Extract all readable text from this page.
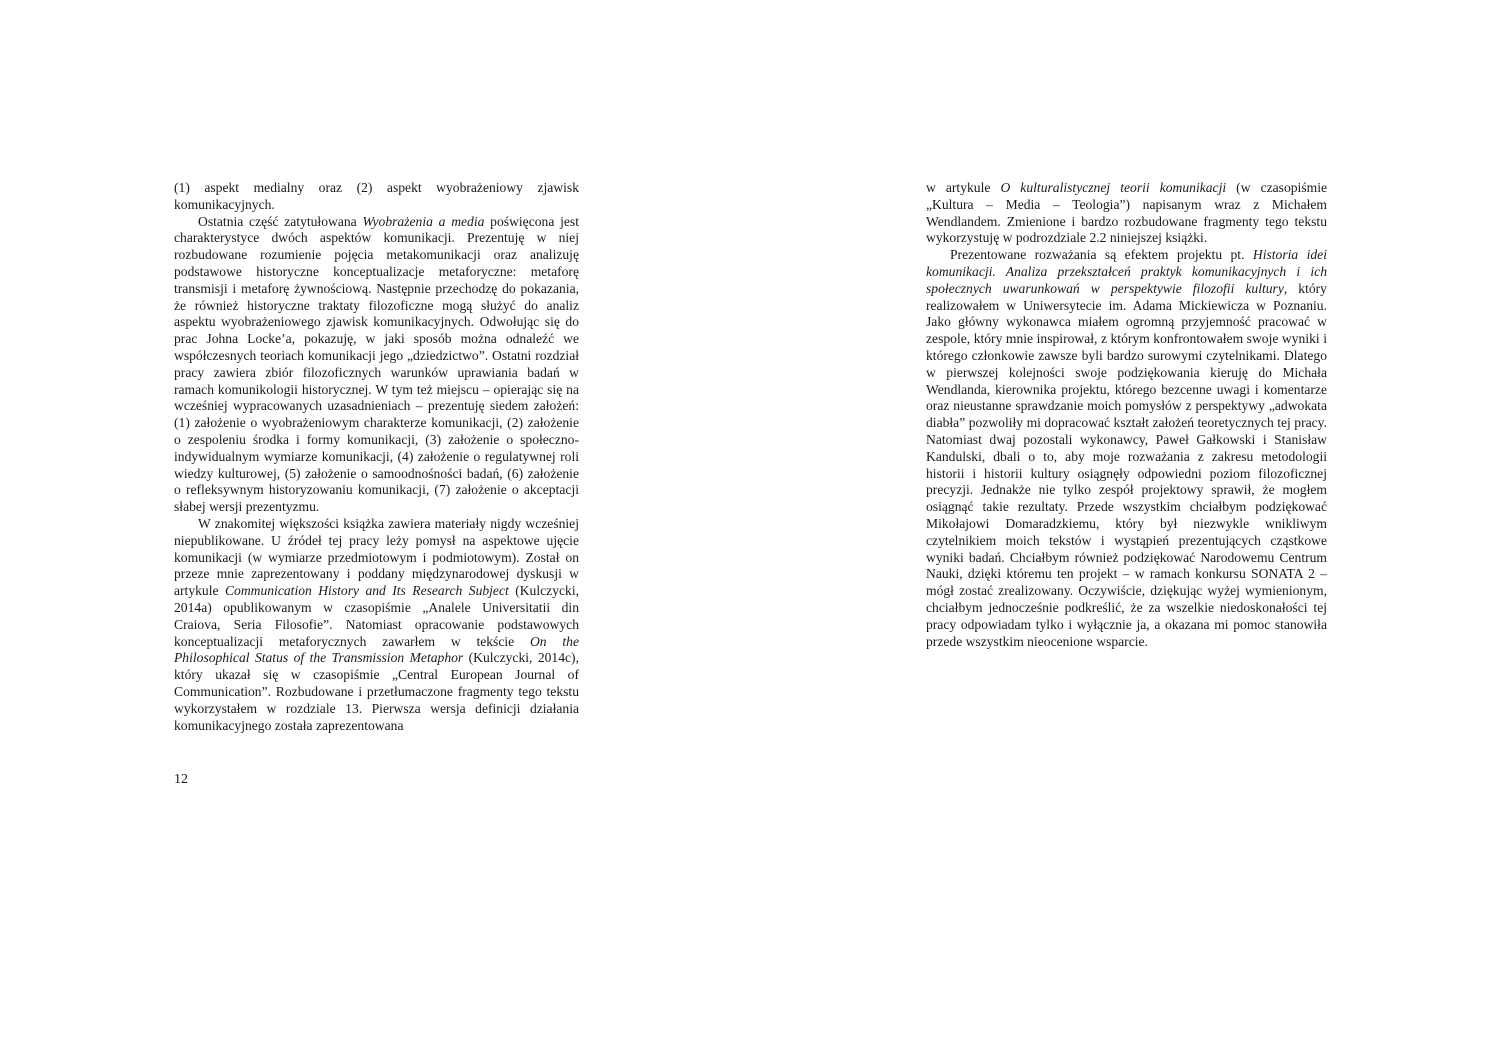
(1) aspekt medialny oraz (2) aspekt wyobrażeniowy zjawisk komunikacyjnych.

Ostatnia część zatytułowana Wyobrażenia a media poświęcona jest charakterystyce dwóch aspektów komunikacji. Prezentuję w niej rozbudowane rozumienie pojęcia metakomunikacji oraz analizuję podstawowe historyczne konceptualizacje metaforyczne: metaforę transmisji i metaforę żywnościową. Następnie przechodzę do pokazania, że również historyczne traktaty filozoficzne mogą służyć do analiz aspektu wyobrażeniowego zjawisk komunikacyjnych. Odwołując się do prac Johna Locke’a, pokazuję, w jaki sposób można odnaleźć we współczesnych teoriach komunikacji jego „dziedzictwo”. Ostatni rozdział pracy zawiera zbiór filozoficznych warunków uprawiania badań w ramach komunikologii historycznej. W tym też miejscu – opierając się na wcześniej wypracowanych uzasadnieniach – prezentuję siedem założeń: (1) założenie o wyobrażeniowym charakterze komunikacji, (2) założenie o zespoleniu środka i formy komunikacji, (3) założenie o społeczno-indywidualnym wymiarze komunikacji, (4) założenie o regulatywnej roli wiedzy kulturowej, (5) założenie o samoodnośności badań, (6) założenie o refleksywnym historyzowaniu komunikacji, (7) założenie o akceptacji słabej wersji prezentyzmu.

W znakomitej większości książka zawiera materiały nigdy wcześniej niepublikowane. U źródeł tej pracy leży pomysł na aspektowe ujęcie komunikacji (w wymiarze przedmiotowym i podmiotowym). Został on przeze mnie zaprezentowany i poddany międzynarodowej dyskusji w artykule Communication History and Its Research Subject (Kulczycki, 2014a) opublikowanym w czasopiśmie „Analele Universitatii din Craiova, Seria Filosofie”. Natomiast opracowanie podstawowych konceptualizacji metaforycznych zawarłem w tekście On the Philosophical Status of the Transmission Metaphor (Kulczycki, 2014c), który ukazał się w czasopiśmie „Central European Journal of Communication”. Rozbudowane i przetłumaczone fragmenty tego tekstu wykorzystałem w rozdziale 13. Pierwsza wersja definicji działania komunikacyjnego została zaprezentowana

w artykule O kulturalistycznej teorii komunikacji (w czasopiśmie „Kultura – Media – Teologia”) napisanym wraz z Michałem Wendlandem. Zmienione i bardzo rozbudowane fragmenty tego tekstu wykorzystuję w podrozdziale 2.2 niniejszej książki.

Prezentowane rozważania są efektem projektu pt. Historia idei komunikacji. Analiza przekształceń praktyk komunikacyjnych i ich społecznych uwarunkowań w perspektywie filozofii kultury, który realizowałem w Uniwersytecie im. Adama Mickiewicza w Poznaniu. Jako główny wykonawca miałem ogromną przyjemność pracować w zespole, który mnie inspirował, z którym konfrontowałem swoje wyniki i którego członkowie zawsze byli bardzo surowymi czytelnikami. Dlatego w pierwszej kolejności swoje podziękowania kieruję do Michała Wendlanda, kierownika projektu, którego bezcenne uwagi i komentarze oraz nieustanne sprawdzanie moich pomysłów z perspektywy „adwokata diabła” pozwoliły mi dopracować kształt założeń teoretycznych tej pracy. Natomiast dwaj pozostali wykonawcy, Paweł Gałkowski i Stanisław Kandulski, dbali o to, aby moje rozważania z zakresu metodologii historii i historii kultury osiągnęły odpowiedni poziom filozoficznej precyzji. Jednakże nie tylko zespół projektowy sprawił, że mogłem osiągnąć takie rezultaty. Przede wszystkim chciałbym podziękować Mikołajowi Domaradzkiemu, który był niezwykle wnikliwym czytelnikiem moich tekstów i wystąpień prezentujących cząstkowe wyniki badań. Chciałbym również podziękować Narodowemu Centrum Nauki, dzięki któremu ten projekt – w ramach konkursu SONATA 2 – mógł zostać zrealizowany. Oczywiście, dziękując wyżej wymienionym, chciałbym jednocześnie podkreślić, że za wszelkie niedoskonałości tej pracy odpowiadam tylko i wyłącznie ja, a okazana mi pomoc stanowiła przede wszystkim nieocenione wsparcie.

12
